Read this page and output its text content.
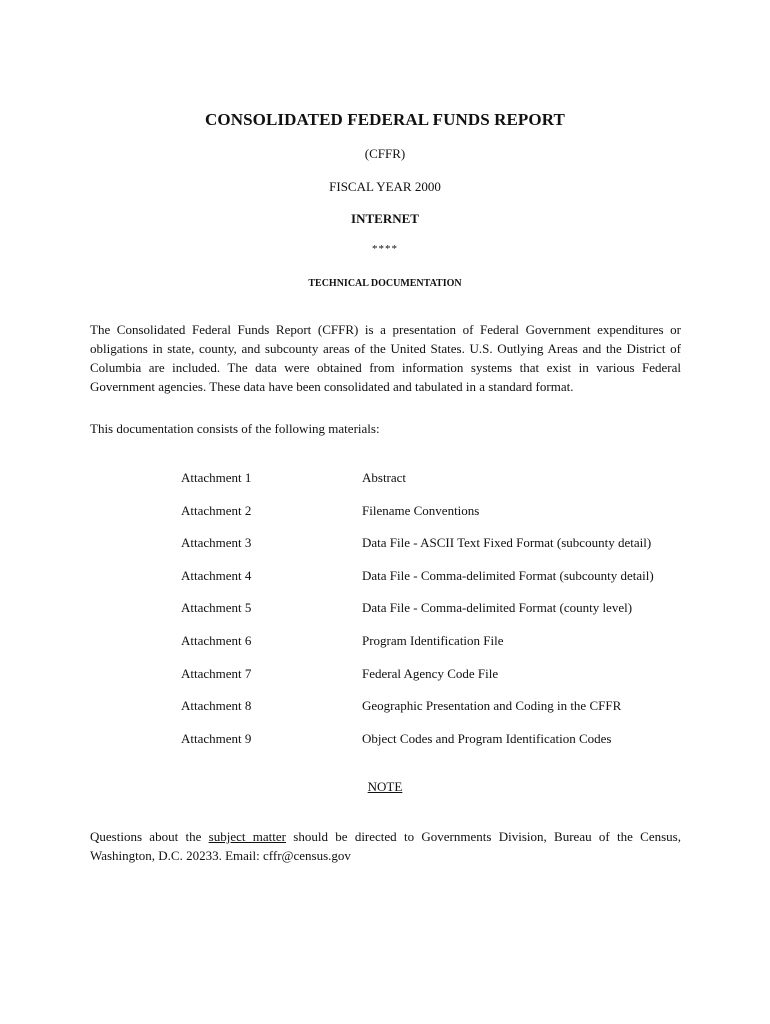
CONSOLIDATED FEDERAL FUNDS REPORT
(CFFR)
FISCAL YEAR 2000
INTERNET
****
TECHNICAL DOCUMENTATION
The Consolidated Federal Funds Report (CFFR) is a presentation of Federal Government expenditures or obligations in state, county, and subcounty areas of the United States. U.S. Outlying Areas and the District of Columbia are included. The data were obtained from information systems that exist in various Federal Government agencies. These data have been consolidated and tabulated in a standard format.
This documentation consists of the following materials:
Attachment 1	Abstract
Attachment 2	Filename Conventions
Attachment 3	Data File - ASCII Text Fixed Format (subcounty detail)
Attachment 4	Data File - Comma-delimited Format (subcounty detail)
Attachment 5	Data File - Comma-delimited Format (county level)
Attachment 6	Program Identification File
Attachment 7	Federal Agency Code File
Attachment 8	Geographic Presentation and Coding in the CFFR
Attachment 9	Object Codes and Program Identification Codes
NOTE
Questions about the subject matter should be directed to Governments Division, Bureau of the Census, Washington, D.C. 20233. Email: cffr@census.gov
